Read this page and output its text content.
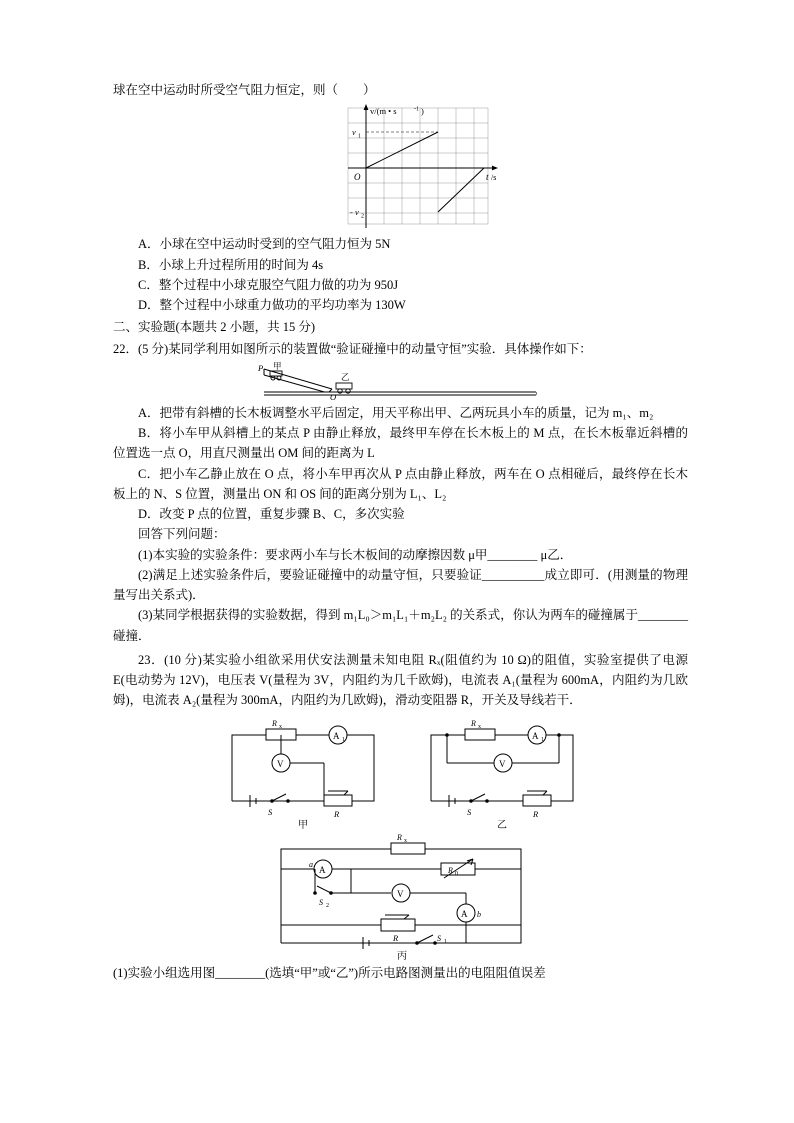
球在空中运动时所受空气阻力恒定，则（　　）

v/(m • s	-1 )
v 1
- v 2
O	t /s

A．小球在空中运动时受到的空气阻力恒为 5N

B．小球上升过程所用的时间为 4s

C．整个过程中小球克服空气阻力做的功为 950J

D．整个过程中小球重力做功的平均功率为 130W

二、实验题(本题共 2 小题，共 15 分)

22．(5 分)某同学利用如图所示的装置做“验证碰撞中的动量守恒”实验．具体操作如下：

P 甲
乙
O

A．把带有斜槽的长木板调整水平后固定，用天平称出甲、乙两玩具小车的质量，记为 m₁、m₂

B．将小车甲从斜槽上的某点 P 由静止释放，最终甲车停在长木板上的 M 点，在长木板靠近斜槽的位置选一点 O，用直尺测量出 OM 间的距离为 L

C．把小车乙静止放在 O 点，将小车甲再次从 P 点由静止释放，两车在 O 点相碰后，最终停在长木板上的 N、S 位置，测量出 ON 和 OS 间的距离分别为 L₁、L₂

D．改变 P 点的位置，重复步骤 B、C，多次实验

回答下列问题：

(1)本实验的实验条件：要求两小车与长木板间的动摩擦因数 μ甲________ μ乙．

(2)满足上述实验条件后，要验证碰撞中的动量守恒，只要验证__________成立即可．(用测量的物理量写出关系式)．

(3)某同学根据获得的实验数据，得到 m₁L₀＞m₁L₁＋m₂L₂ 的关系式，你认为两车的碰撞属于________碰撞．

23．(10 分)某实验小组欲采用伏安法测量未知电阻 Rₓ(阻值约为 10 Ω)的阻值，实验室提供了电源 E(电动势为 12V)，电压表 V(量程为 3V，内阻约为几千欧姆)，电流表 A₁(量程为 600mA，内阻约为几欧姆)，电流表 A₂(量程为 300mA，内阻约为几欧姆)，滑动变阻器 R，开关及导线若干．

R x
A 1
V
S	R
甲
R x
A 1
V
S	R
乙
R x
a
A	R 0
S 2
V
A b
R	S 1
丙

(1)实验小组选用图________(选填“甲”或“乙”)所示电路图测量出的电阻阻值误差
